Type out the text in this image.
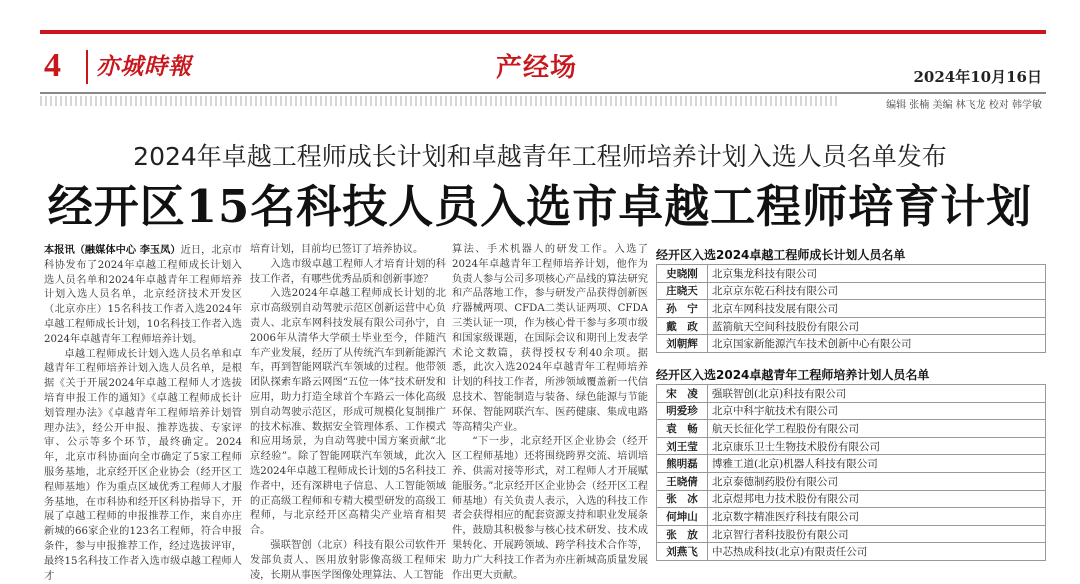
4 亦城時報	产经场	2024年10月16日
编辑 张楠 美编 林飞龙 校对 韩学敏
2024年卓越工程师成长计划和卓越青年工程师培养计划入选人员名单发布
经开区15名科技人员入选市卓越工程师培育计划

本报讯（融媒体中心 李玉凤）近日，北京市科协发布了2024年卓越工程师成长计划入选人员名单和2024年卓越青年工程师培养计划入选人员名单，北京经济技术开发区（北京亦庄）15名科技工作者入选2024年卓越工程师成长计划，10名科技工作者入选2024年卓越青年工程师培养计划。

卓越工程师成长计划入选人员名单和卓越青年工程师培养计划入选人员名单，是根据《关于开展2024年卓越工程师人才选拔培育申报工作的通知》《卓越工程师成长计划管理办法》《卓越青年工程师培养计划管理办法》，经公开申报、推荐选拔、专家评审、公示等多个环节，最终确定。2024年，北京市科协面向全市确定了5家工程师服务基地，北京经开区企业协会（经开区工程师基地）作为重点区域优秀工程师人才服务基地，在市科协和经开区科协指导下，开展了卓越工程师的申报推荐工作，来自亦庄新城的66家企业的123名工程师，符合申报条件，参与申报推荐工作，经过选拔评审，最终15名科技工作者入选市级卓越工程师人才

培育计划，目前均已签订了培养协议。

入选市级卓越工程师人才培育计划的科技工作者，有哪些优秀品质和创新事迹？

入选2024年卓越工程师成长计划的北京市高级别自动驾驶示范区创新运营中心负责人、北京车网科技发展有限公司孙宁，自2006年从清华大学硕士毕业至今，伴随汽车产业发展，经历了从传统汽车到新能源汽车，再到智能网联汽车领域的过程。他带领团队探索车路云网图“五位一体”技术研发和应用，助力打造全球首个车路云一体化高级别自动驾驶示范区，形成可规模化复制推广的技术标准、数据安全管理体系、工作模式和应用场景，为自动驾驶中国方案贡献“北京经验”。除了智能网联汽车领域，此次入选2024年卓越工程师成长计划的5名科技工作者中，还有深耕电子信息、人工智能领域的正高级工程师和专精大模型研发的高级工程师，与北京经开区高精尖产业培育相契合。

强联智创（北京）科技有限公司软件开发部负责人、医用放射影像高级工程师宋凌，长期从事医学图像处理算法、人工智能

算法、手术机器人的研发工作。入选了2024年卓越青年工程师培养计划，他作为负责人参与公司多项核心产品线的算法研究和产品落地工作，参与研发产品获得创新医疗器械两项、CFDA二类认证两项、CFDA三类认证一项，作为核心骨干参与多项市级和国家级课题，在国际会议和期刊上发表学术论文数篇，获得授权专利40余项。据悉，此次入选2024年卓越青年工程师培养计划的科技工作者，所涉领域覆盖新一代信息技术、智能制造与装备、绿色能源与节能环保、智能网联汽车、医药健康、集成电路等高精尖产业。

“下一步，北京经开区企业协会（经开区工程师基地）还将围绕跨界交流、培训培养、供需对接等形式，对工程师人才开展赋能服务。”北京经开区企业协会（经开区工程师基地）有关负责人表示，入选的科技工作者会获得相应的配套资源支持和职业发展条件，鼓励其积极参与核心技术研发、技术成果转化、开展跨领域、跨学科技术合作等，助力广大科技工作者为亦庄新城高质量发展作出更大贡献。

经开区入选2024卓越工程师成长计划人员名单
史晓刚	北京集龙科技有限公司
庄晓天	北京京东乾石科技有限公司
孙　宁	北京车网科技发展有限公司
戴　政	蓝箭航天空间科技股份有限公司
刘朝辉	北京国家新能源汽车技术创新中心有限公司
经开区入选2024卓越青年工程师培养计划人员名单
宋　凌	强联智创(北京)科技有限公司
明爱珍	北京中科宇航技术有限公司
袁　畅	航天长征化学工程股份有限公司
刘王莹	北京康乐卫士生物技术股份有限公司
熊明磊	博雅工道(北京)机器人科技有限公司
王晓倩	北京泰德制药股份有限公司
张　冰	北京煜邦电力技术股份有限公司
何坤山	北京数字精准医疗科技有限公司
张　放	北京智行者科技股份有限公司
刘燕飞	中芯热成科技(北京)有限责任公司
